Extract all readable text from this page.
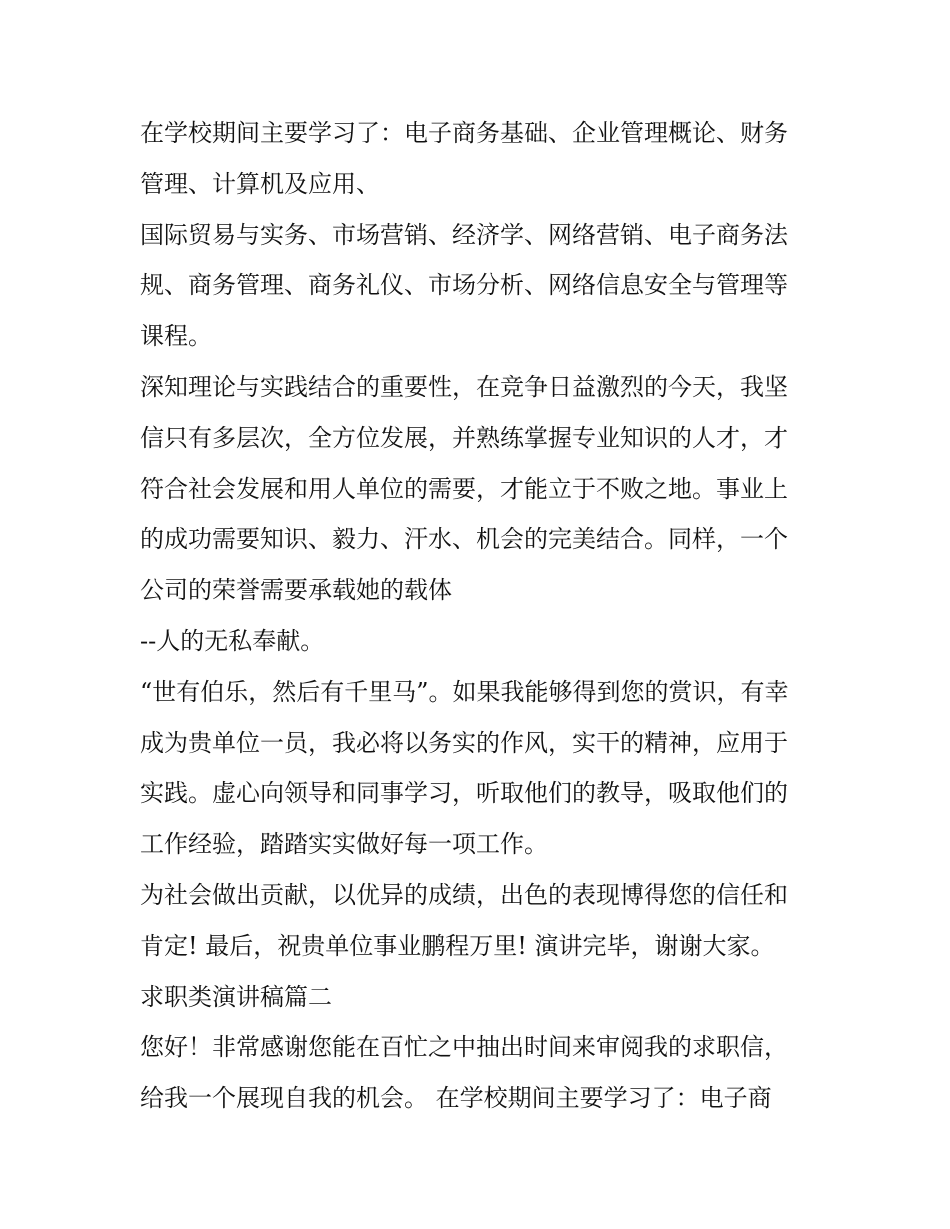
在学校期间主要学习了：电子商务基础、企业管理概论、财务
管理、计算机及应用、
国际贸易与实务、市场营销、经济学、网络营销、电子商务法
规、商务管理、商务礼仪、市场分析、网络信息安全与管理等
课程。
深知理论与实践结合的重要性，在竞争日益激烈的今天，我坚
信只有多层次，全方位发展，并熟练掌握专业知识的人才，才
符合社会发展和用人单位的需要，才能立于不败之地。事业上
的成功需要知识、毅力、汗水、机会的完美结合。同样，一个
公司的荣誉需要承载她的载体
--人的无私奉献。
“世有伯乐，然后有千里马”。如果我能够得到您的赏识，有幸
成为贵单位一员，我必将以务实的作风，实干的精神，应用于
实践。虚心向领导和同事学习，听取他们的教导，吸取他们的
工作经验，踏踏实实做好每一项工作。
为社会做出贡献，以优异的成绩，出色的表现博得您的信任和
肯定! 最后，祝贵单位事业鹏程万里! 演讲完毕，谢谢大家。
求职类演讲稿篇二
您好！非常感谢您能在百忙之中抽出时间来审阅我的求职信，
给我一个展现自我的机会。 在学校期间主要学习了：电子商
